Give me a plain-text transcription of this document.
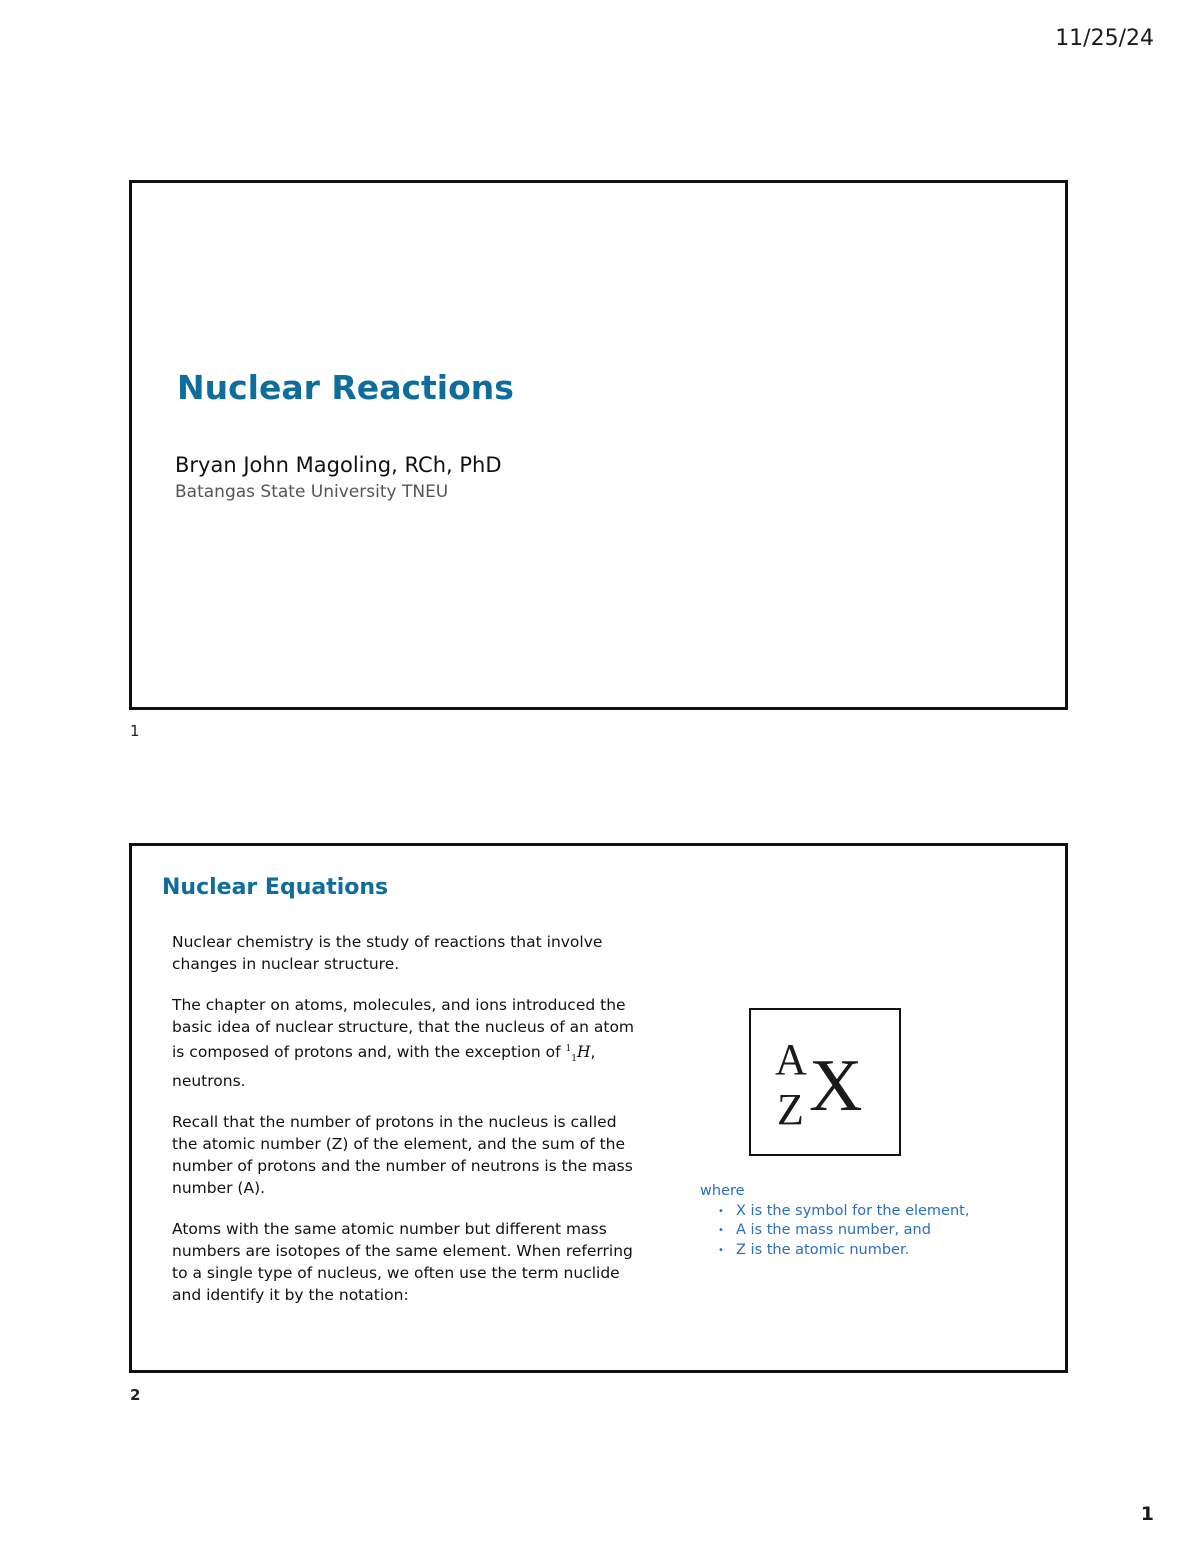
11/25/24
Nuclear Reactions
Bryan John Magoling, RCh, PhD
Batangas State University TNEU
1
Nuclear Equations

Nuclear chemistry is the study of reactions that involve changes in nuclear structure.

The chapter on atoms, molecules, and ions introduced the basic idea of nuclear structure, that the nucleus of an atom is composed of protons and, with the exception of $^1_1$H, neutrons.

Recall that the number of protons in the nucleus is called the atomic number (Z) of the element, and the sum of the number of protons and the number of neutrons is the mass number (A).

Atoms with the same atomic number but different mass numbers are isotopes of the same element. When referring to a single type of nucleus, we often use the term nuclide and identify it by the notation:

A
Z X
where
• X is the symbol for the element,
• A is the mass number, and
• Z is the atomic number.
2
1
